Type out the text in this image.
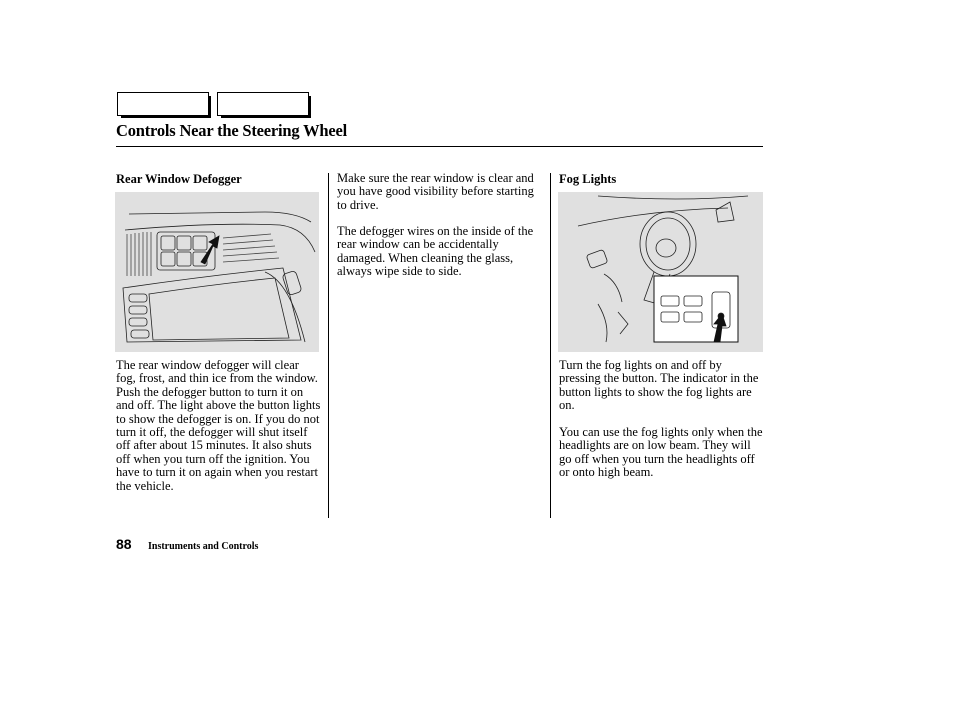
Controls Near the Steering Wheel
Rear Window Defogger

The rear window defogger will clear fog, frost, and thin ice from the window. Push the defogger button to turn it on and off. The light above the button lights to show the defogger is on. If you do not turn it off, the defogger will shut itself off after about 15 minutes. It also shuts off when you turn off the ignition. You have to turn it on again when you restart the vehicle.

Make sure the rear window is clear and you have good visibility before starting to drive.

The defogger wires on the inside of the rear window can be accidentally damaged. When cleaning the glass, always wipe side to side.

Fog Lights

Turn the fog lights on and off by pressing the button. The indicator in the button lights to show the fog lights are on.

You can use the fog lights only when the headlights are on low beam. They will go off when you turn the headlights off or onto high beam.

88 Instruments and Controls
